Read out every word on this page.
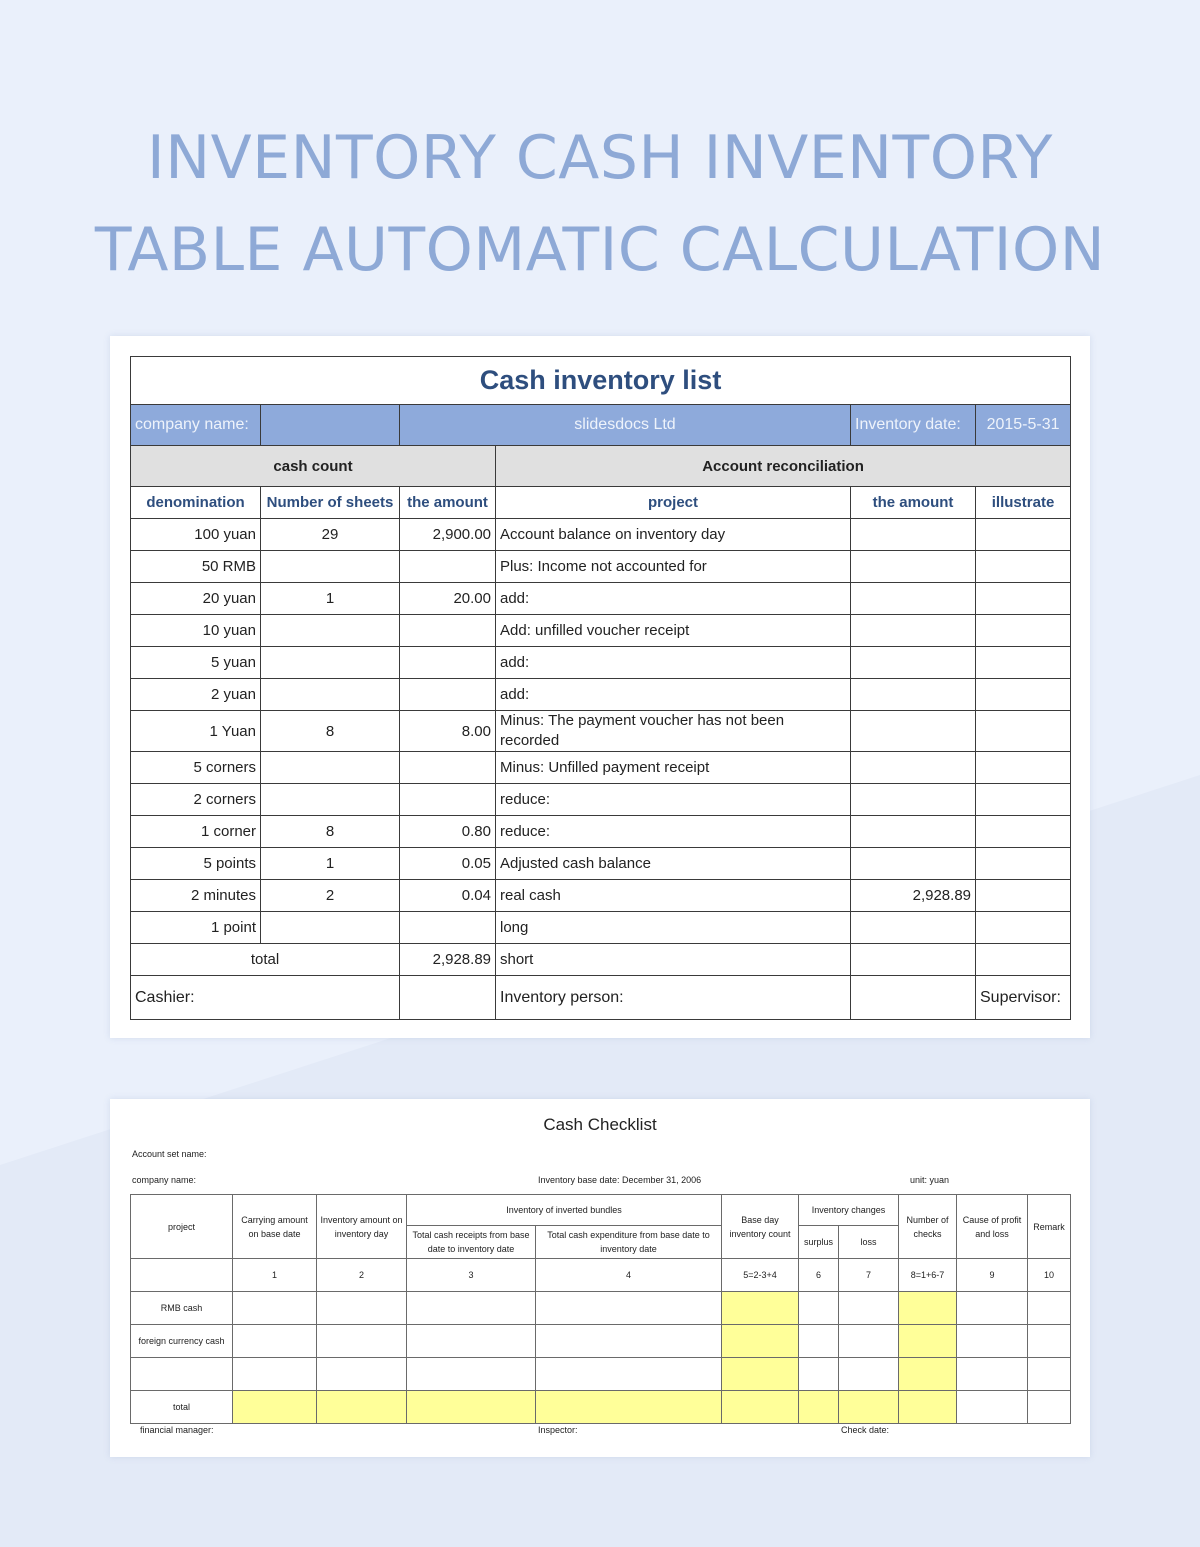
INVENTORY CASH INVENTORY
TABLE AUTOMATIC CALCULATION
Cash inventory list					
company name:		slidesdocs Ltd		Inventory date:	2015-5-31
cash count			Account reconciliation		
denomination	Number of sheets	the amount	project	the amount	illustrate
100 yuan	29	2,900.00	Account balance on inventory day		
50 RMB			Plus: Income not accounted for		
20 yuan	1	20.00	add:		
10 yuan			Add: unfilled voucher receipt		
5 yuan			add:		
2 yuan			add:		
1 Yuan	8	8.00	Minus: The payment voucher has not been recorded		
5 corners			Minus: Unfilled payment receipt		
2 corners			reduce:		
1 corner	8	0.80	reduce:		
5 points	1	0.05	Adjusted cash balance		
2 minutes	2	0.04	real cash	2,928.89	
1 point			long		
total		2,928.89	short		
Cashier:			Inventory person:		Supervisor:
Cash Checklist
Account set name:
company name:	Inventory base date: December 31, 2006	unit: yuan
project	Carrying amount on base date	Inventory amount on inventory day	Inventory of inverted bundles		Base day inventory count	Inventory changes		Number of checks	Cause of profit and loss	Remark
			Total cash receipts from base date to inventory date	Total cash expenditure from base date to inventory date		surplus	loss			
	1	2	3	4	5=2-3+4	6	7	8=1+6-7	9	10
RMB cash										
foreign currency cash										

total										
financial manager:	Inspector:	Check date:
